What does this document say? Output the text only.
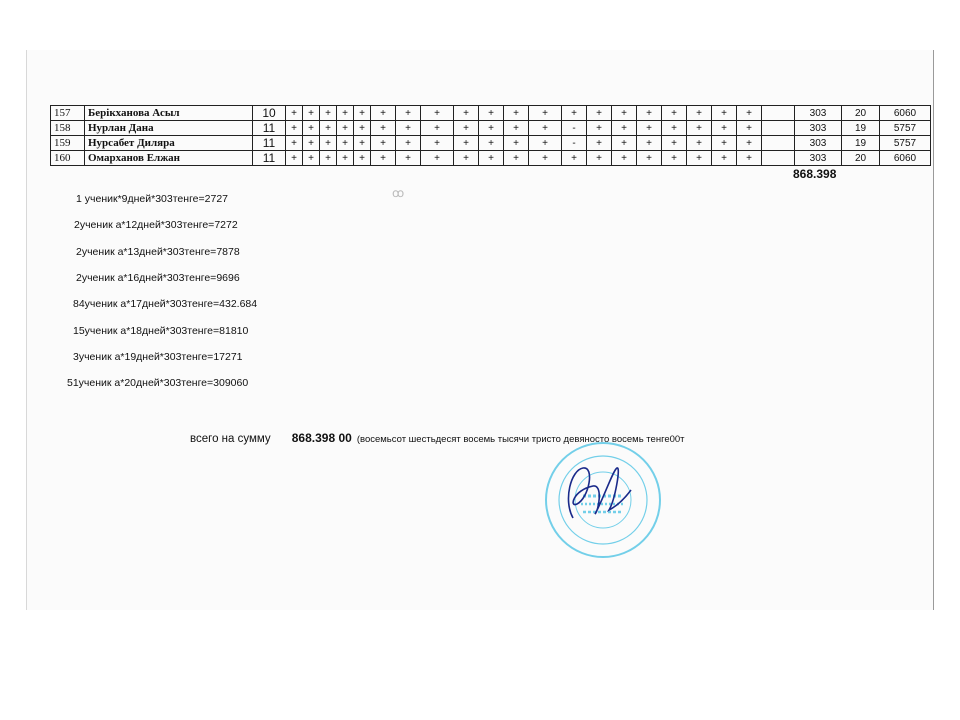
157	Берікханова Асыл	10	+	+	+	+	+	+	+	+	+	+	+	+	+	+	+	+	+	+	+	+		303	20	6060
158	Нурлан Дана	11	+	+	+	+	+	+	+	+	+	+	+	+	-	+	+	+	+	+	+	+		303	19	5757
159	Нурсабет Диляра	11	+	+	+	+	+	+	+	+	+	+	+	+	-	+	+	+	+	+	+	+		303	19	5757
160	Омарханов Елжан	11	+	+	+	+	+	+	+	+	+	+	+	+	+	+	+	+	+	+	+	+		303	20	6060
868.398
ꝏ
1 ученик*9дней*303тенге=2727
2ученик а*12дней*303тенге=7272
2ученик а*13дней*303тенге=7878
2ученик а*16дней*303тенге=9696
84ученик а*17дней*303тенге=432.684
15ученик а*18дней*303тенге=81810
3ученик а*19дней*303тенге=17271
51ученик а*20дней*303тенге=309060
всего на сумму 868.398 00 (восемьсот шестьдесят восемь тысячи тристо девяносто восемь тенге00т
